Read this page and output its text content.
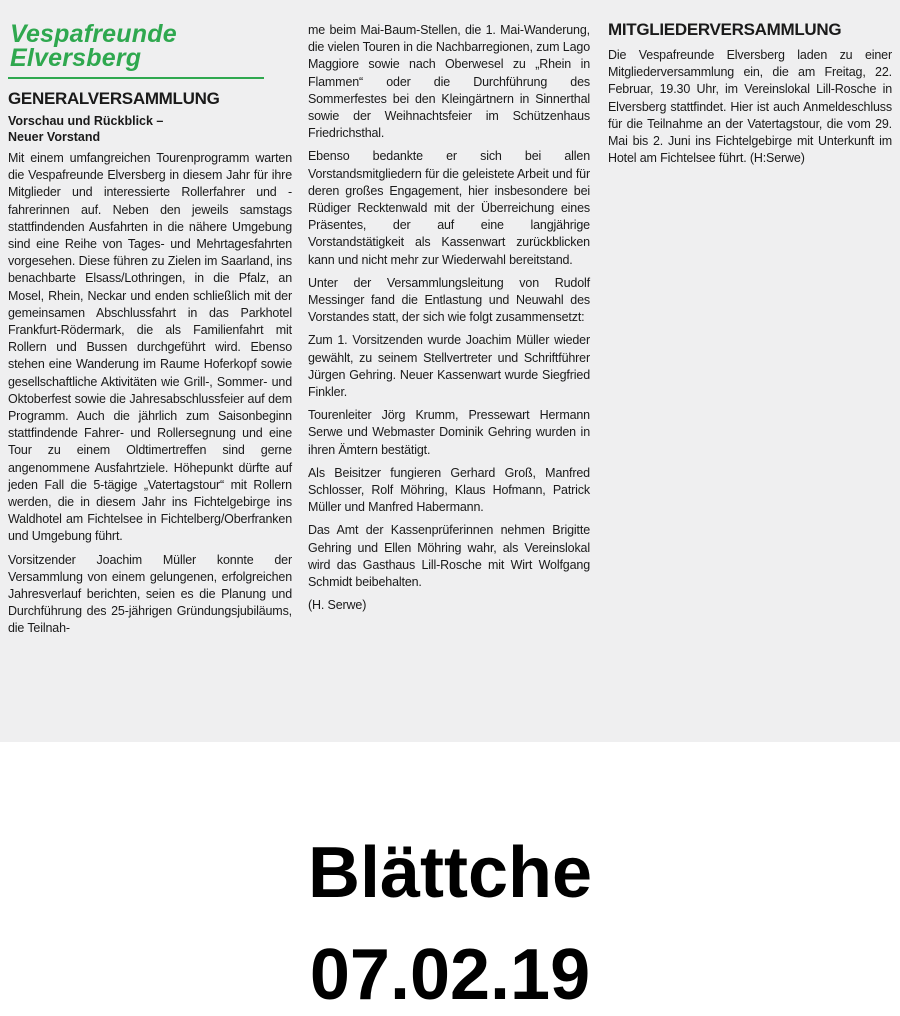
Vespafreunde
Elversberg
GENERALVERSAMMLUNG
Vorschau und Rückblick –
Neuer Vorstand

Mit einem umfangreichen Tourenprogramm warten die Vespafreunde Elversberg in diesem Jahr für ihre Mitglieder und interessierte Rollerfahrer und -fahrerinnen auf. Neben den jeweils samstags stattfindenden Ausfahrten in die nähere Umgebung sind eine Reihe von Tages- und Mehrtagesfahrten vorgesehen. Diese führen zu Zielen im Saarland, ins benachbarte Elsass/Lothringen, in die Pfalz, an Mosel, Rhein, Neckar und enden schließlich mit der gemeinsamen Abschlussfahrt in das Parkhotel Frankfurt-Rödermark, die als Familienfahrt mit Rollern und Bussen durchgeführt wird. Ebenso stehen eine Wanderung im Raume Hoferkopf sowie gesellschaftliche Aktivitäten wie Grill-, Sommer- und Oktoberfest sowie die Jahresabschlussfeier auf dem Programm. Auch die jährlich zum Saisonbeginn stattfindende Fahrer- und Rollersegnung und eine Tour zu einem Oldtimertreffen sind gerne angenommene Ausfahrtziele. Höhepunkt dürfte auf jeden Fall die 5-tägige „Vatertagstour“ mit Rollern werden, die in diesem Jahr ins Fichtelgebirge ins Waldhotel am Fichtelsee in Fichtelberg/Oberfranken und Umgebung führt.

Vorsitzender Joachim Müller konnte der Versammlung von einem gelungenen, erfolgreichen Jahresverlauf berichten, seien es die Planung und Durchführung des 25-jährigen Gründungsjubiläums, die Teilnah-

me beim Mai-Baum-Stellen, die 1. Mai-Wanderung, die vielen Touren in die Nachbarregionen, zum Lago Maggiore sowie nach Oberwesel zu „Rhein in Flammen“ oder die Durchführung des Sommerfestes bei den Kleingärtnern in Sinnerthal sowie der Weihnachtsfeier im Schützenhaus Friedrichsthal.

Ebenso bedankte er sich bei allen Vorstandsmitgliedern für die geleistete Arbeit und für deren großes Engagement, hier insbesondere bei Rüdiger Recktenwald mit der Überreichung eines Präsentes, der auf eine langjährige Vorstandstätigkeit als Kassenwart zurückblicken kann und nicht mehr zur Wiederwahl bereitstand.

Unter der Versammlungsleitung von Rudolf Messinger fand die Entlastung und Neuwahl des Vorstandes statt, der sich wie folgt zusammensetzt:

Zum 1. Vorsitzenden wurde Joachim Müller wieder gewählt, zu seinem Stellvertreter und Schriftführer Jürgen Gehring. Neuer Kassenwart wurde Siegfried Finkler.

Tourenleiter Jörg Krumm, Pressewart Hermann Serwe und Webmaster Dominik Gehring wurden in ihren Ämtern bestätigt.

Als Beisitzer fungieren Gerhard Groß, Manfred Schlosser, Rolf Möhring, Klaus Hofmann, Patrick Müller und Manfred Habermann.

Das Amt der Kassenprüferinnen nehmen Brigitte Gehring und Ellen Möhring wahr, als Vereinslokal wird das Gasthaus Lill-Rosche mit Wirt Wolfgang Schmidt beibehalten.

(H. Serwe)

MITGLIEDERVERSAMMLUNG

Die Vespafreunde Elversberg laden zu einer Mitgliederversammlung ein, die am Freitag, 22. Februar, 19.30 Uhr, im Vereinslokal Lill-Rosche in Elversberg stattfindet. Hier ist auch Anmeldeschluss für die Teilnahme an der Vatertagstour, die vom 29. Mai bis 2. Juni ins Fichtelgebirge mit Unterkunft im Hotel am Fichtelsee führt. (H:Serwe)

Blättche
07.02.19
